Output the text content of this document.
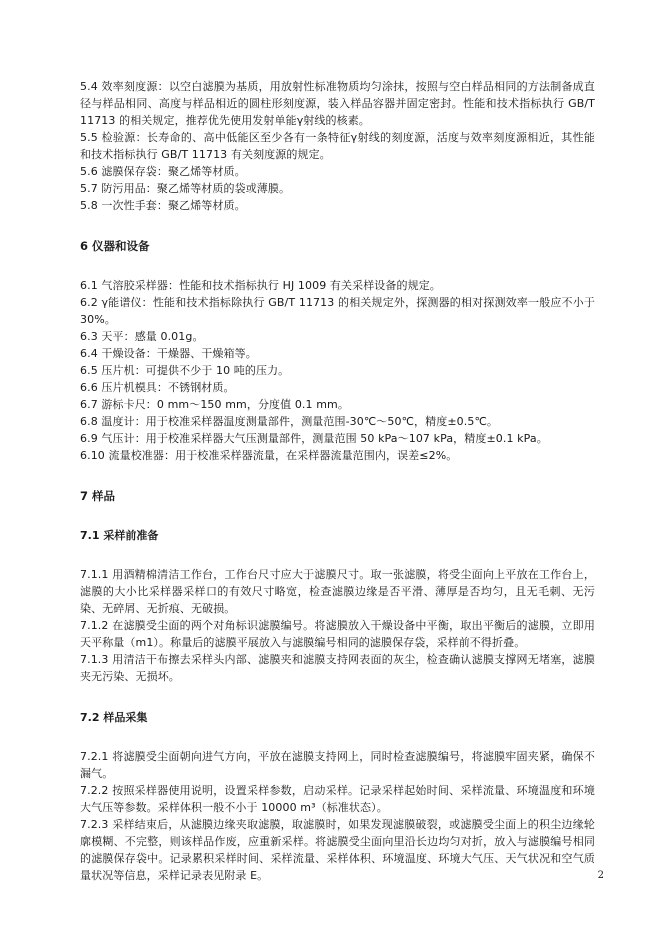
5.4 效率刻度源：以空白滤膜为基质，用放射性标准物质均匀涂抹，按照与空白样品相同的方法制备成直径与样品相同、高度与样品相近的圆柱形刻度源，装入样品容器并固定密封。性能和技术指标执行 GB/T 11713 的相关规定，推荐优先使用发射单能γ射线的核素。

5.5 检验源：长寿命的、高中低能区至少各有一条特征γ射线的刻度源，活度与效率刻度源相近，其性能和技术指标执行 GB/T 11713 有关刻度源的规定。

5.6 滤膜保存袋：聚乙烯等材质。

5.7 防污用品：聚乙烯等材质的袋或薄膜。

5.8 一次性手套：聚乙烯等材质。

6 仪器和设备

6.1 气溶胶采样器：性能和技术指标执行 HJ 1009 有关采样设备的规定。

6.2 γ能谱仪：性能和技术指标除执行 GB/T 11713 的相关规定外，探测器的相对探测效率一般应不小于 30%。

6.3 天平：感量 0.01g。

6.4 干燥设备：干燥器、干燥箱等。

6.5 压片机：可提供不少于 10 吨的压力。

6.6 压片机模具：不锈钢材质。

6.7 游标卡尺：0 mm～150 mm，分度值 0.1 mm。

6.8 温度计：用于校准采样器温度测量部件，测量范围-30℃～50℃，精度±0.5℃。

6.9 气压计：用于校准采样器大气压测量部件，测量范围 50 kPa～107 kPa，精度±0.1 kPa。

6.10 流量校准器：用于校准采样器流量，在采样器流量范围内，误差≤2%。

7 样品
7.1 采样前准备

7.1.1 用酒精棉清洁工作台，工作台尺寸应大于滤膜尺寸。取一张滤膜，将受尘面向上平放在工作台上，滤膜的大小比采样器采样口的有效尺寸略宽，检查滤膜边缘是否平滑、薄厚是否均匀，且无毛刺、无污染、无碎屑、无折痕、无破损。

7.1.2 在滤膜受尘面的两个对角标识滤膜编号。将滤膜放入干燥设备中平衡，取出平衡后的滤膜，立即用天平称量（m1）。称量后的滤膜平展放入与滤膜编号相同的滤膜保存袋，采样前不得折叠。

7.1.3 用清洁干布擦去采样头内部、滤膜夹和滤膜支持网表面的灰尘，检查确认滤膜支撑网无堵塞，滤膜夹无污染、无损坏。

7.2 样品采集

7.2.1 将滤膜受尘面朝向进气方向，平放在滤膜支持网上，同时检查滤膜编号，将滤膜牢固夹紧，确保不漏气。

7.2.2 按照采样器使用说明，设置采样参数，启动采样。记录采样起始时间、采样流量、环境温度和环境大气压等参数。采样体积一般不小于 10000 m³（标准状态）。

7.2.3 采样结束后，从滤膜边缘夹取滤膜，取滤膜时，如果发现滤膜破裂，或滤膜受尘面上的积尘边缘轮廓模糊、不完整，则该样品作废，应重新采样。将滤膜受尘面向里沿长边均匀对折，放入与滤膜编号相同的滤膜保存袋中。记录累积采样时间、采样流量、采样体积、环境温度、环境大气压、天气状况和空气质量状况等信息，采样记录表见附录 E。	2
